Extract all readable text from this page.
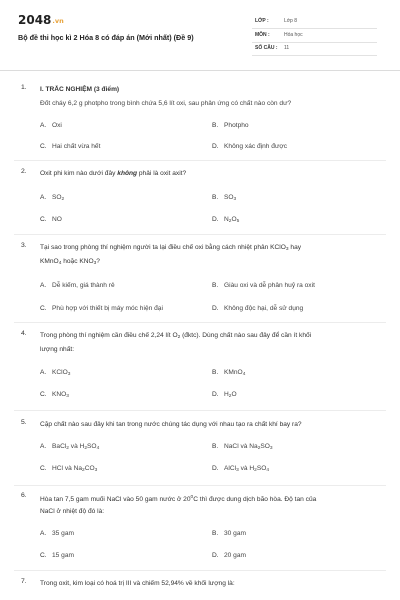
2048.vn
Bộ đề thi học kì 2 Hóa 8 có đáp án (Mới nhất) (Đề 9)
LỚP :	Lớp 8
MÔN :	Hóa học
SỐ CÂU : 11
1. I. TRẮC NGHIỆM (3 điểm)
Đốt cháy 6,2 g photpho trong bình chứa 5,6 lít oxi, sau phản ứng có chất nào còn dư?
A. Oxi	B. Photpho
C. Hai chất vừa hết	D. Không xác định được
2. Oxit phi kim nào dưới đây không phải là oxit axit?
A. $SO_2$	B. $SO_3$
C. NO	D. $N_2O_5$
3. Tại sao trong phòng thí nghiệm người ta lại điều chế oxi bằng cách nhiệt phân KClO$_3$ hay
KMnO$_4$ hoặc $KNO_3$?
A. Dễ kiếm, giá thành rẻ	B. Giàu oxi và dễ phân huỷ ra oxit
C. Phù hợp với thiết bị máy móc hiện đại	D. Không độc hại, dễ sử dụng
4. Trong phòng thí nghiệm cần điều chế 2,24 lít $O_2$ (đktc). Dùng chất nào sau đây để cần ít khối
lượng nhất:
A. KClO$_3$	B. KMnO$_4$
C. $KNO_3$	D. $H_2O$
5. Cặp chất nào sau đây khi tan trong nước chúng tác dụng với nhau tạo ra chất khí bay ra?
A. BaCl$_2$ và $H_2SO_4$	B. NaCl và $Na_2SO_3$
C. HCl và $Na_2CO_3$	D. AlCl$_3$ và $H_2SO_4$
6.
Hòa tan 7,5 gam muối NaCl vào 50 gam nước ở $20^0C$ thì được dung dịch bão hòa. Độ tan của
NaCl ở nhiệt độ đó là:
A. 35 gam	B. 30 gam
C. 15 gam	D. 20 gam
7. Trong oxit, kim loại có hoá trị III và chiếm 52,94% về khối lượng là:
